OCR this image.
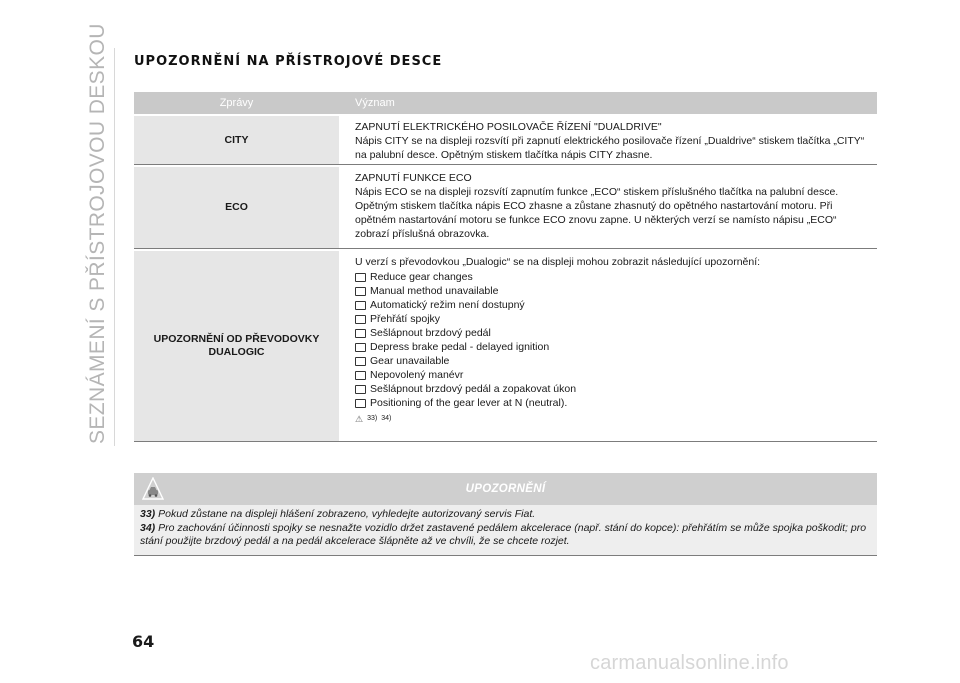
SEZNÁMENÍ S PŘÍSTROJOVOU DESKOU UPOZORNĚNÍ NA PŘÍSTROJOVÉ DESCE
Zprávy	Význam
CITY
ZAPNUTÍ ELEKTRICKÉHO POSILOVAČE ŘÍZENÍ "DUALDRIVE"
Nápis CITY se na displeji rozsvítí při zapnutí elektrického posilovače řízení „Dualdrive“ stiskem tlačítka „CITY“ na palubní desce. Opětným stiskem tlačítka nápis CITY zhasne.
ECO
ZAPNUTÍ FUNKCE ECO
Nápis ECO se na displeji rozsvítí zapnutím funkce „ECO“ stiskem příslušného tlačítka na palubní desce. Opětným stiskem tlačítka nápis ECO zhasne a zůstane zhasnutý do opětného nastartování motoru. Při opětném nastartování motoru se funkce ECO znovu zapne. U některých verzí se namísto nápisu „ECO“ zobrazí příslušná obrazovka.
UPOZORNĚNÍ OD PŘEVODOVKY
DUALOGIC
U verzí s převodovkou „Dualogic“ se na displeji mohou zobrazit následující upozornění:
Reduce gear changes
Manual method unavailable
Automatický režim není dostupný
Přehřátí spojky
Sešlápnout brzdový pedál
Depress brake pedal - delayed ignition
Gear unavailable
Nepovolený manévr
Sešlápnout brzdový pedál a zopakovat úkon
Positioning of the gear lever at N (neutral).
⚠ 33) 34)
UPOZORNĚNÍ
33) Pokud zůstane na displeji hlášení zobrazeno, vyhledejte autorizovaný servis Fiat.
34) Pro zachování účinnosti spojky se nesnažte vozidlo držet zastavené pedálem akcelerace (např. stání do kopce): přehřátím se může spojka poškodit; pro stání použijte brzdový pedál a na pedál akcelerace šlápněte až ve chvíli, že se chcete rozjet.
64
carmanualsonline.info
